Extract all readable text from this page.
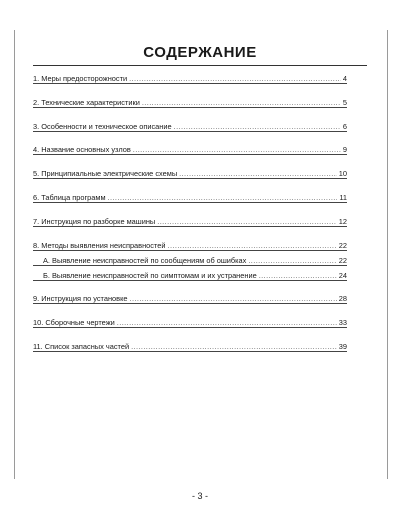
СОДЕРЖАНИЕ
1. Меры предосторожности .....	4
2. Технические характеристики .....	5
3. Особенности и техническое описание .....	6
4. Название основных узлов .....	9
5. Принципиальные электрические схемы .....	10
6. Таблица программ .....	11
7. Инструкция по разборке машины .....	12
8. Методы выявления неисправностей .....	22
А. Выявление неисправностей по сообщениям об ошибках .....	22
Б. Выявление неисправностей по симптомам и их устранение .....	24
9. Инструкция по установке .....	28
10. Сборочные чертежи .....	33
11. Список запасных частей .....	39
- 3 -
